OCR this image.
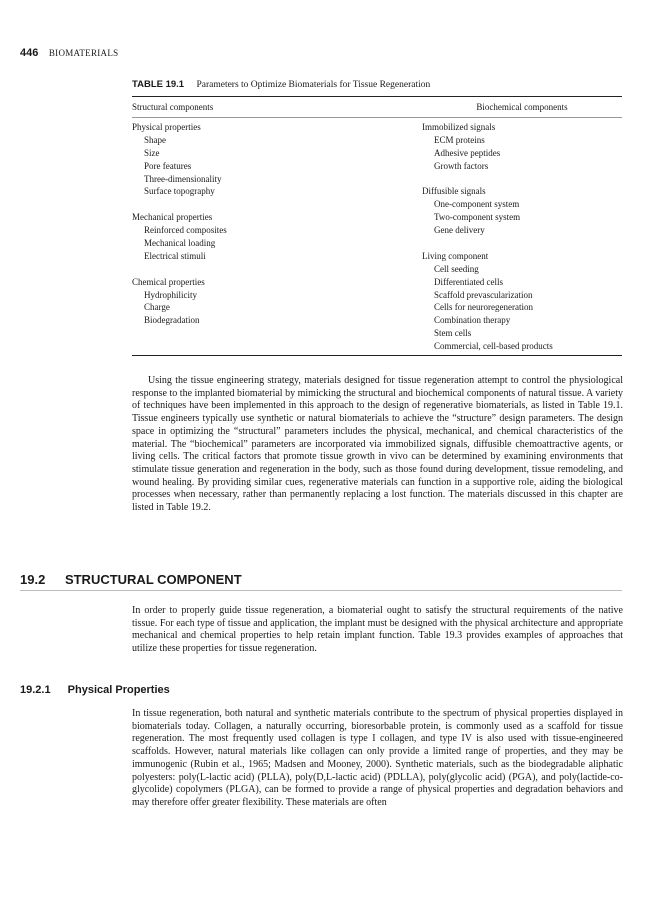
446 BIOMATERIALS
TABLE 19.1 Parameters to Optimize Biomaterials for Tissue Regeneration
Structural components	Biochemical components
Physical properties
Shape
Size
Pore features
Three-dimensionality
Surface topography
Mechanical properties
Reinforced composites
Mechanical loading
Electrical stimuli
Chemical properties
Hydrophilicity
Charge
Biodegradation
Immobilized signals
ECM proteins
Adhesive peptides
Growth factors
Diffusible signals
One-component system
Two-component system
Gene delivery
Living component
Cell seeding
Differentiated cells
Scaffold prevascularization
Cells for neuroregeneration
Combination therapy
Stem cells
Commercial, cell-based products

Using the tissue engineering strategy, materials designed for tissue regeneration attempt to control the physiological response to the implanted biomaterial by mimicking the structural and biochemical components of natural tissue. A variety of techniques have been implemented in this approach to the design of regenerative biomaterials, as listed in Table 19.1. Tissue engineers typically use synthetic or natural biomaterials to achieve the “structure” design parameters. The design space in optimizing the “structural” parameters includes the physical, mechanical, and chemical characteristics of the material. The “biochemical” parameters are incorporated via immobilized signals, diffusible chemoattractive agents, or living cells. The critical factors that promote tissue growth in vivo can be determined by examining environments that stimulate tissue generation and regeneration in the body, such as those found during development, tissue remodeling, and wound healing. By providing similar cues, regenerative materials can function in a supportive role, aiding the biological processes when necessary, rather than permanently replacing a lost function. The materials discussed in this chapter are listed in Table 19.2.

19.2 STRUCTURAL COMPONENT

In order to properly guide tissue regeneration, a biomaterial ought to satisfy the structural requirements of the native tissue. For each type of tissue and application, the implant must be designed with the physical architecture and appropriate mechanical and chemical properties to help retain implant function. Table 19.3 provides examples of approaches that utilize these properties for tissue regeneration.

19.2.1 Physical Properties

In tissue regeneration, both natural and synthetic materials contribute to the spectrum of physical properties displayed in biomaterials today. Collagen, a naturally occurring, bioresorbable protein, is commonly used as a scaffold for tissue regeneration. The most frequently used collagen is type I collagen, and type IV is also used with tissue-engineered scaffolds. However, natural materials like collagen can only provide a limited range of properties, and they may be immunogenic (Rubin et al., 1965; Madsen and Mooney, 2000). Synthetic materials, such as the biodegradable aliphatic polyesters: poly(L-lactic acid) (PLLA), poly(D,L-lactic acid) (PDLLA), poly(glycolic acid) (PGA), and poly(lactide-co-glycolide) copolymers (PLGA), can be formed to provide a range of physical properties and degradation behaviors and may therefore offer greater flexibility. These materials are often
